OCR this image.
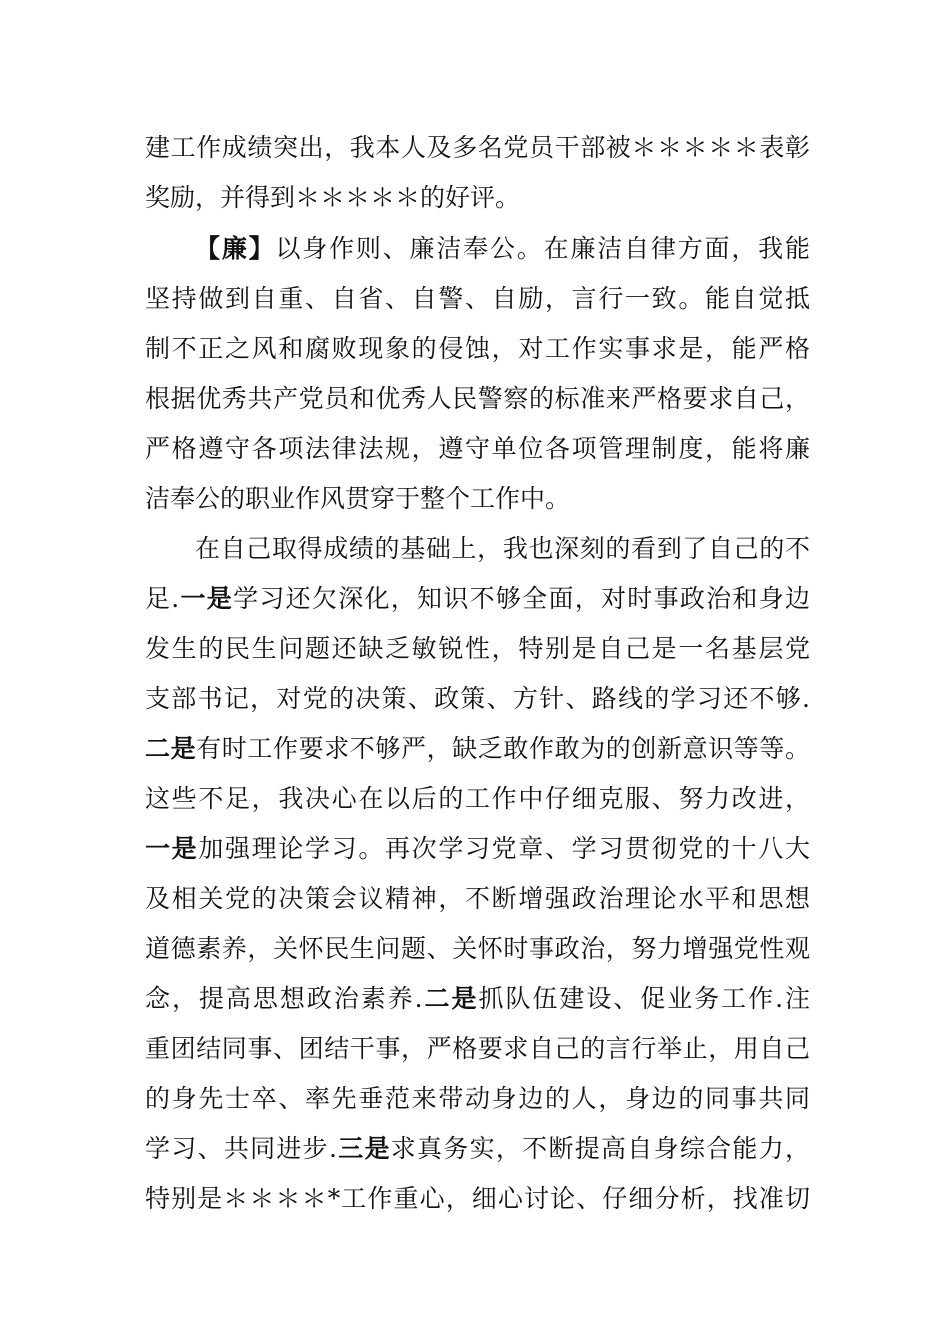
建工作成绩突出，我本人及多名党员干部被＊＊＊＊＊表彰
奖励，并得到＊＊＊＊＊的好评。
【廉】以身作则、廉洁奉公。在廉洁自律方面，我能
坚持做到自重、自省、自警、自励，言行一致。能自觉抵
制不正之风和腐败现象的侵蚀，对工作实事求是，能严格
根据优秀共产党员和优秀人民警察的标准来严格要求自己，
严格遵守各项法律法规，遵守单位各项管理制度，能将廉
洁奉公的职业作风贯穿于整个工作中。
在自己取得成绩的基础上，我也深刻的看到了自己的不
足.一是学习还欠深化，知识不够全面，对时事政治和身边
发生的民生问题还缺乏敏锐性，特别是自己是一名基层党
支部书记，对党的决策、政策、方针、路线的学习还不够.
二是有时工作要求不够严，缺乏敢作敢为的创新意识等等。
这些不足，我决心在以后的工作中仔细克服、努力改进，
一是加强理论学习。再次学习党章、学习贯彻党的十八大
及相关党的决策会议精神，不断增强政治理论水平和思想
道德素养，关怀民生问题、关怀时事政治，努力增强党性观
念，提高思想政治素养.二是抓队伍建设、促业务工作.注
重团结同事、团结干事，严格要求自己的言行举止，用自己
的身先士卒、率先垂范来带动身边的人，身边的同事共同
学习、共同进步.三是求真务实，不断提高自身综合能力，
特别是＊＊＊＊*工作重心，细心讨论、仔细分析，找准切
